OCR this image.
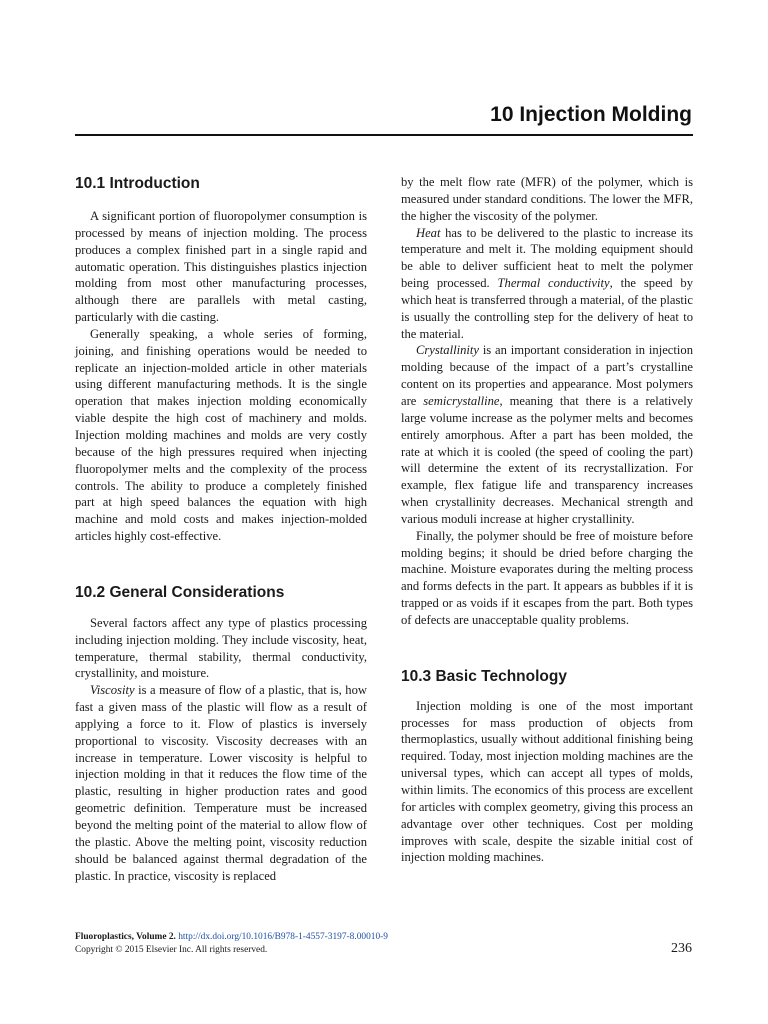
10 Injection Molding
10.1 Introduction

A significant portion of fluoropolymer consumption is processed by means of injection molding. The process produces a complex finished part in a single rapid and automatic operation. This distinguishes plastics injection molding from most other manufacturing processes, although there are parallels with metal casting, particularly with die casting.

Generally speaking, a whole series of forming, joining, and finishing operations would be needed to replicate an injection-molded article in other materials using different manufacturing methods. It is the single operation that makes injection molding economically viable despite the high cost of machinery and molds. Injection molding machines and molds are very costly because of the high pressures required when injecting fluoropolymer melts and the complexity of the process controls. The ability to produce a completely finished part at high speed balances the equation with high machine and mold costs and makes injection-molded articles highly cost-effective.

10.2 General Considerations

Several factors affect any type of plastics processing including injection molding. They include viscosity, heat, temperature, thermal stability, thermal conductivity, crystallinity, and moisture.

Viscosity is a measure of flow of a plastic, that is, how fast a given mass of the plastic will flow as a result of applying a force to it. Flow of plastics is inversely proportional to viscosity. Viscosity decreases with an increase in temperature. Lower viscosity is helpful to injection molding in that it reduces the flow time of the plastic, resulting in higher production rates and good geometric definition. Temperature must be increased beyond the melting point of the material to allow flow of the plastic. Above the melting point, viscosity reduction should be balanced against thermal degradation of the plastic. In practice, viscosity is replaced

by the melt flow rate (MFR) of the polymer, which is measured under standard conditions. The lower the MFR, the higher the viscosity of the polymer.

Heat has to be delivered to the plastic to increase its temperature and melt it. The molding equipment should be able to deliver sufficient heat to melt the polymer being processed. Thermal conductivity, the speed by which heat is transferred through a material, of the plastic is usually the controlling step for the delivery of heat to the material.

Crystallinity is an important consideration in injection molding because of the impact of a part’s crystalline content on its properties and appearance. Most polymers are semicrystalline, meaning that there is a relatively large volume increase as the polymer melts and becomes entirely amorphous. After a part has been molded, the rate at which it is cooled (the speed of cooling the part) will determine the extent of its recrystallization. For example, flex fatigue life and transparency increases when crystallinity decreases. Mechanical strength and various moduli increase at higher crystallinity.

Finally, the polymer should be free of moisture before molding begins; it should be dried before charging the machine. Moisture evaporates during the melting process and forms defects in the part. It appears as bubbles if it is trapped or as voids if it escapes from the part. Both types of defects are unacceptable quality problems.

10.3 Basic Technology

Injection molding is one of the most important processes for mass production of objects from thermoplastics, usually without additional finishing being required. Today, most injection molding machines are the universal types, which can accept all types of molds, within limits. The economics of this process are excellent for articles with complex geometry, giving this process an advantage over other techniques. Cost per molding improves with scale, despite the sizable initial cost of injection molding machines.

Fluoroplastics, Volume 2. http://dx.doi.org/10.1016/B978-1-4557-3197-8.00010-9
Copyright © 2015 Elsevier Inc. All rights reserved.	236
